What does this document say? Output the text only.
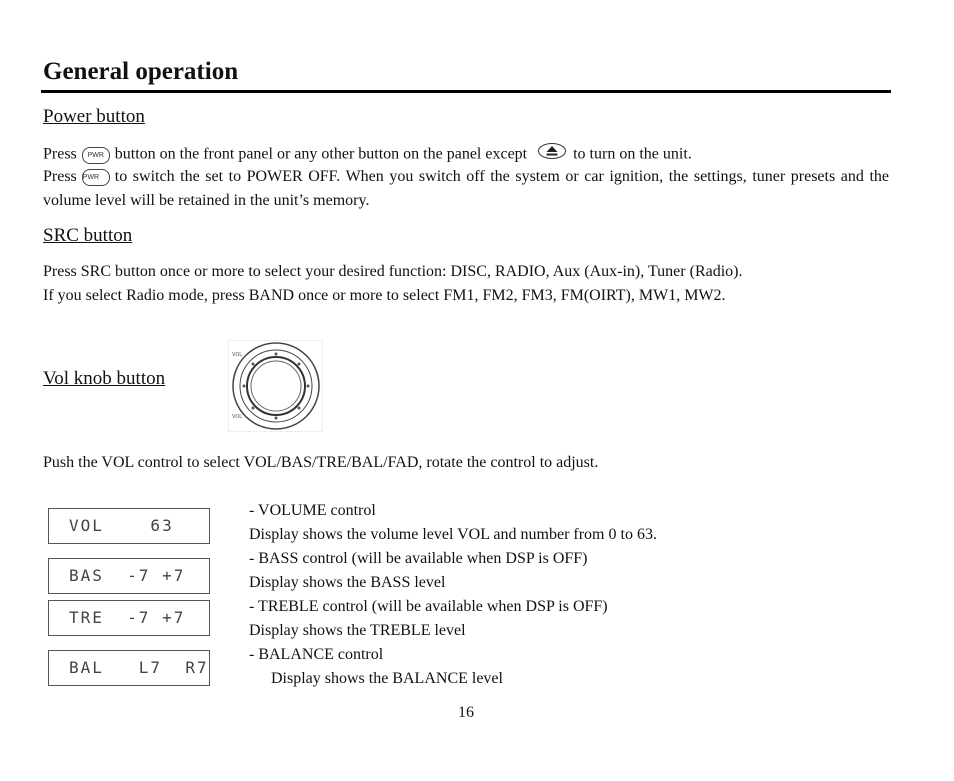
General operation
Power button
Press PWR button on the front panel or any other button on the panel except	to turn on the unit.
Press PWR to switch the set to POWER OFF. When you switch off the system or car ignition, the settings, tuner presets and the volume level will be retained in the unit’s memory.
SRC button
Press SRC button once or more to select your desired function: DISC, RADIO, Aux (Aux-in), Tuner (Radio).
If you select Radio mode, press BAND once or more to select FM1, FM2, FM3, FM(OIRT), MW1, MW2.
Vol knob button
VOL
VOL
Push the VOL control to select VOL/BAS/TRE/BAL/FAD, rotate the control to adjust.
VOL    63
BAS  -7 +7
TRE  -7 +7
BAL   L7  R7
- VOLUME control
Display shows the volume level VOL and number from 0 to 63.
- BASS control (will be available when DSP is OFF)
Display shows the BASS level
- TREBLE control (will be available when DSP is OFF)
Display shows the TREBLE level
- BALANCE control
Display shows the BALANCE level
16
